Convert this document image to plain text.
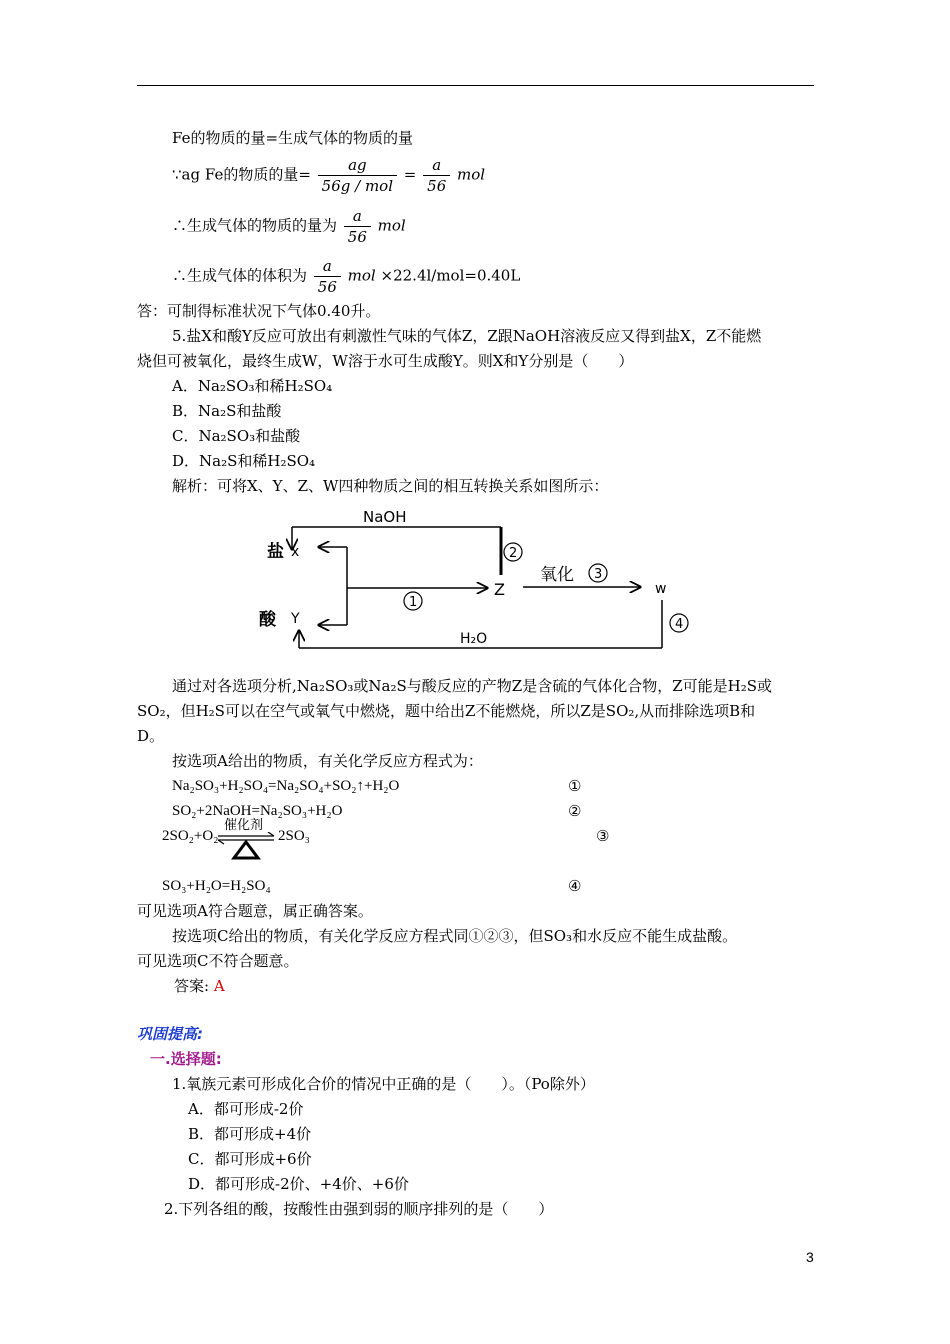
Fe的物质的量=生成气体的物质的量
∵ag Fe的物质的量= $\frac{ag}{\text{56g / mol}} = \frac{a}{56}$ mol
∴生成气体的物质的量为 $\frac{a}{56}$ mol
∴生成气体的体积为 $\frac{a}{56}$ mol ×22.4l/mol=0.40L
答：可制得标准状况下气体0.40升。
5.盐X和酸Y反应可放出有刺激性气味的气体Z，Z跟NaOH溶液反应又得到盐X，Z不能燃
烧但可被氧化，最终生成W，W溶于水可生成酸Y。则X和Y分别是（　　）
A．Na₂SO₃和稀H₂SO₄
B．Na₂S和盐酸
C．Na₂SO₃和盐酸
D．Na₂S和稀H₂SO₄
解析：可将X、Y、Z、W四种物质之间的相互转换关系如图所示：
NaOH
2
盐 x
酸 Y
1
Z
氧化 3
w
H₂O
4
通过对各选项分析,Na₂SO₃或Na₂S与酸反应的产物Z是含硫的气体化合物，Z可能是H₂S或
SO₂，但H₂S可以在空气或氧气中燃烧，题中给出Z不能燃烧，所以Z是SO₂,从而排除选项B和
D。
按选项A给出的物质，有关化学反应方程式为：
Na₂SO₃+H₂SO₄=Na₂SO₄+SO₂↑+H₂O	①
SO₂+2NaOH=Na₂SO₃+H₂O	②
2SO₂+O₂
催化剂
2SO₃	③
SO₃+H₂O=H₂SO₄	④
可见选项A符合题意，属正确答案。
按选项C给出的物质，有关化学反应方程式同①②③，但SO₃和水反应不能生成盐酸。
可见选项C不符合题意。
答案: A
巩固提高:
一.选择题:
1.氧族元素可形成化合价的情况中正确的是（　　）。（Po除外）
A．都可形成-2价
B．都可形成+4价
C．都可形成+6价
D．都可形成-2价、+4价、+6价
2.下列各组的酸，按酸性由强到弱的顺序排列的是（　　）
3
